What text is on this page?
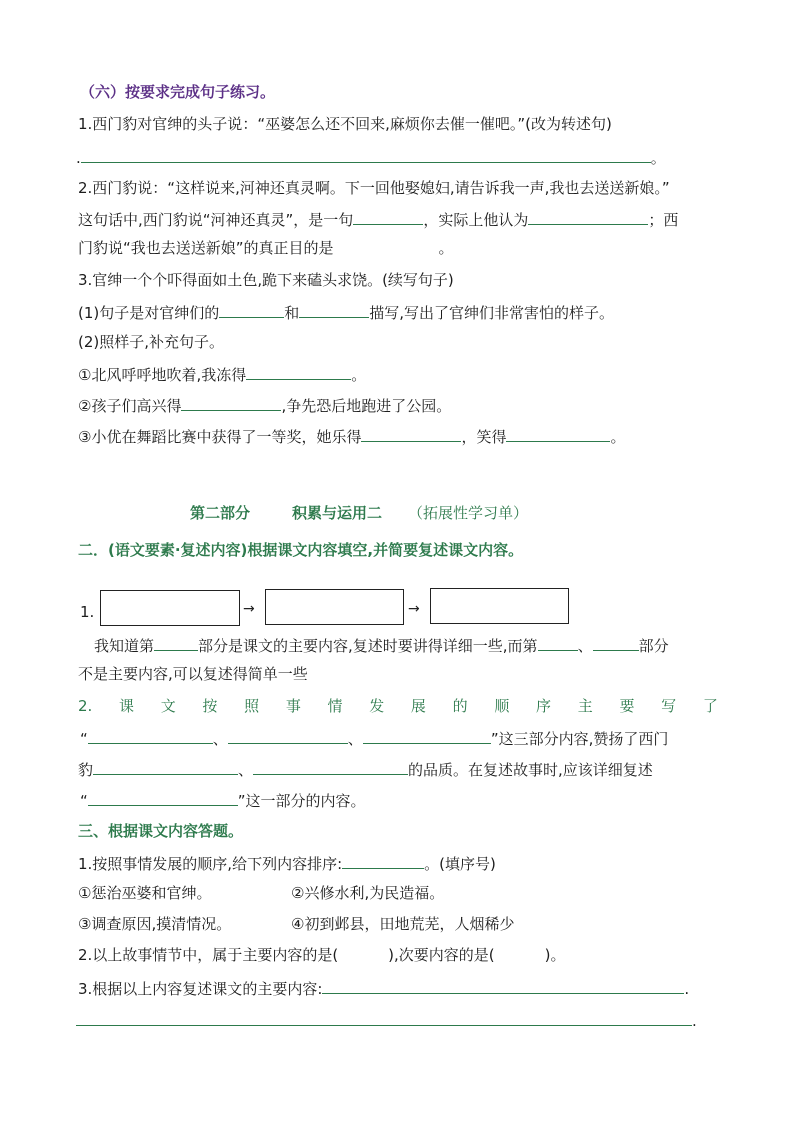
（六）按要求完成句子练习。
1.西门豹对官绅的头子说：“巫婆怎么还不回来,麻烦你去催一催吧。”(改为转述句)
.	。
2.西门豹说：“这样说来,河神还真灵啊。下一回他娶媳妇,请告诉我一声,我也去送送新娘。”
这句话中,西门豹说“河神还真灵”，是一句	，实际上他认为	；西
门豹说“我也去送送新娘”的真正目的是	。
3.官绅一个个吓得面如土色,跪下来磕头求饶。(续写句子)
(1)句子是对官绅们的	和	描写,写出了官绅们非常害怕的样子。
(2)照样子,补充句子。
①北风呼呼地吹着,我冻得	。
②孩子们高兴得	,争先恐后地跑进了公园。
③小优在舞蹈比赛中获得了一等奖，她乐得	，笑得	。
第二部分	积累与运用二 （拓展性学习单）
二．(语文要素·复述内容)根据课文内容填空,并简要复述课文内容。
1.	→	→
我知道第	部分是课文的主要内容,复述时要讲得详细一些,而第	、	部分
不是主要内容,可以复述得简单一些
2. 课 文 按 照 事 情 发 展 的 顺 序 主 要 写 了
“	、	、	”这三部分内容,赞扬了西门
豹	、	的品质。在复述故事时,应该详细复述
“	”这一部分的内容。
三、根据课文内容答题。
1.按照事情发展的顺序,给下列内容排序:	。(填序号)
①惩治巫婆和官绅。	②兴修水利,为民造福。
③调查原因,摸清情况。	④初到邺县，田地荒芜，人烟稀少
2.以上故事情节中，属于主要内容的是(	),次要内容的是(	)。
3.根据以上内容复述课文的主要内容:	.
.
